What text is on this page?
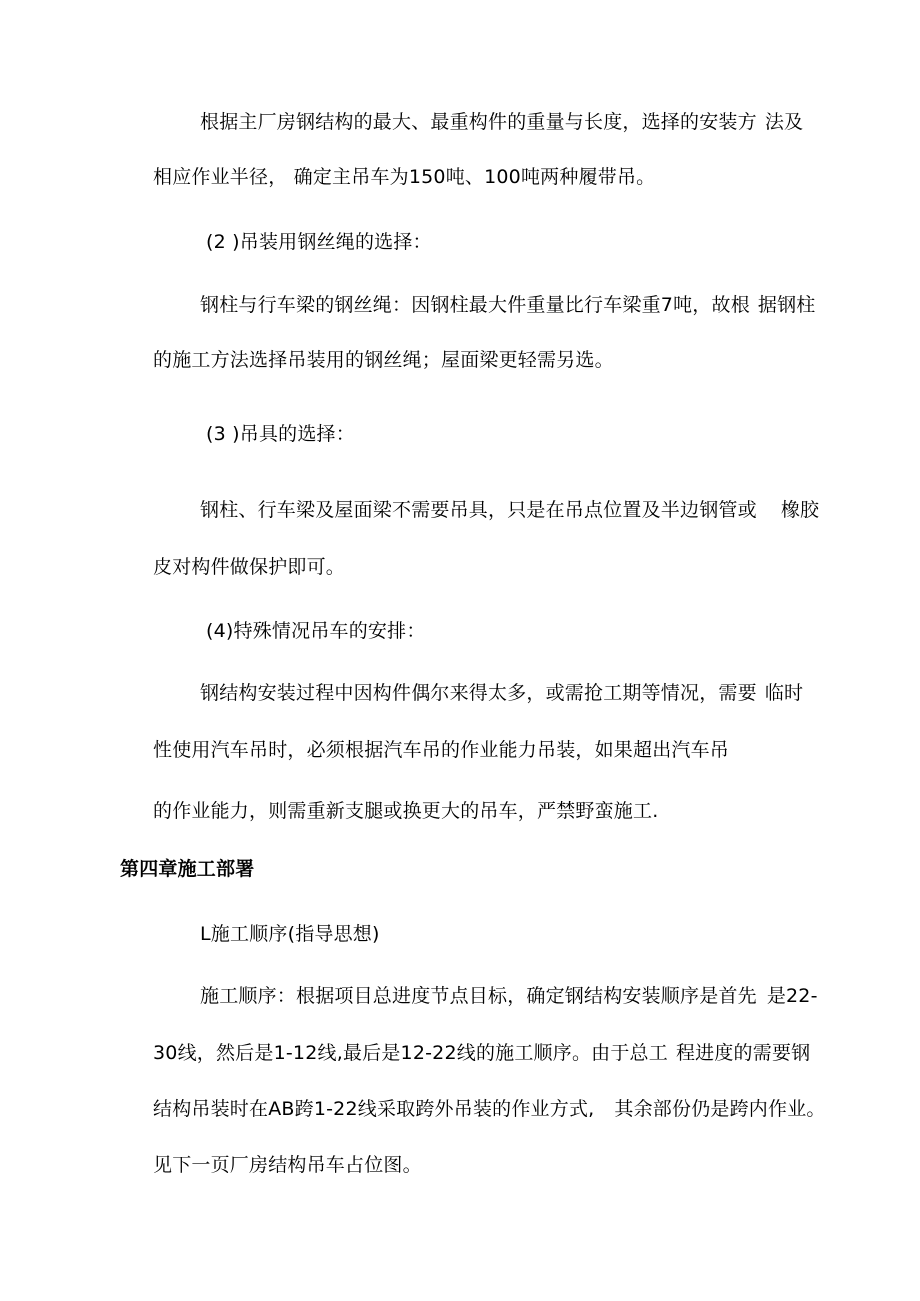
根据主厂房钢结构的最大、最重构件的重量与长度，选择的安装方 法及
相应作业半径， 确定主吊车为150吨、100吨两种履带吊。
(2 )吊装用钢丝绳的选择：
钢柱与行车梁的钢丝绳：因钢柱最大件重量比行车梁重7吨，故根 据钢柱
的施工方法选择吊装用的钢丝绳；屋面梁更轻需另选。
(3 )吊具的选择：
钢柱、行车梁及屋面梁不需要吊具，只是在吊点位置及半边钢管或 橡胶
皮对构件做保护即可。
(4)特殊情况吊车的安排：
钢结构安装过程中因构件偶尔来得太多，或需抢工期等情况，需要 临时
性使用汽车吊时，必须根据汽车吊的作业能力吊装，如果超出汽车吊
的作业能力，则需重新支腿或换更大的吊车，严禁野蛮施工.
第四章施工部署
L施工顺序(指导思想)
施工顺序：根据项目总进度节点目标，确定钢结构安装顺序是首先 是22-
30线，然后是1-12线,最后是12-22线的施工顺序。由于总工 程进度的需要钢
结构吊装时在AB跨1-22线采取跨外吊装的作业方式, 其余部份仍是跨内作业。
见下一页厂房结构吊车占位图。
